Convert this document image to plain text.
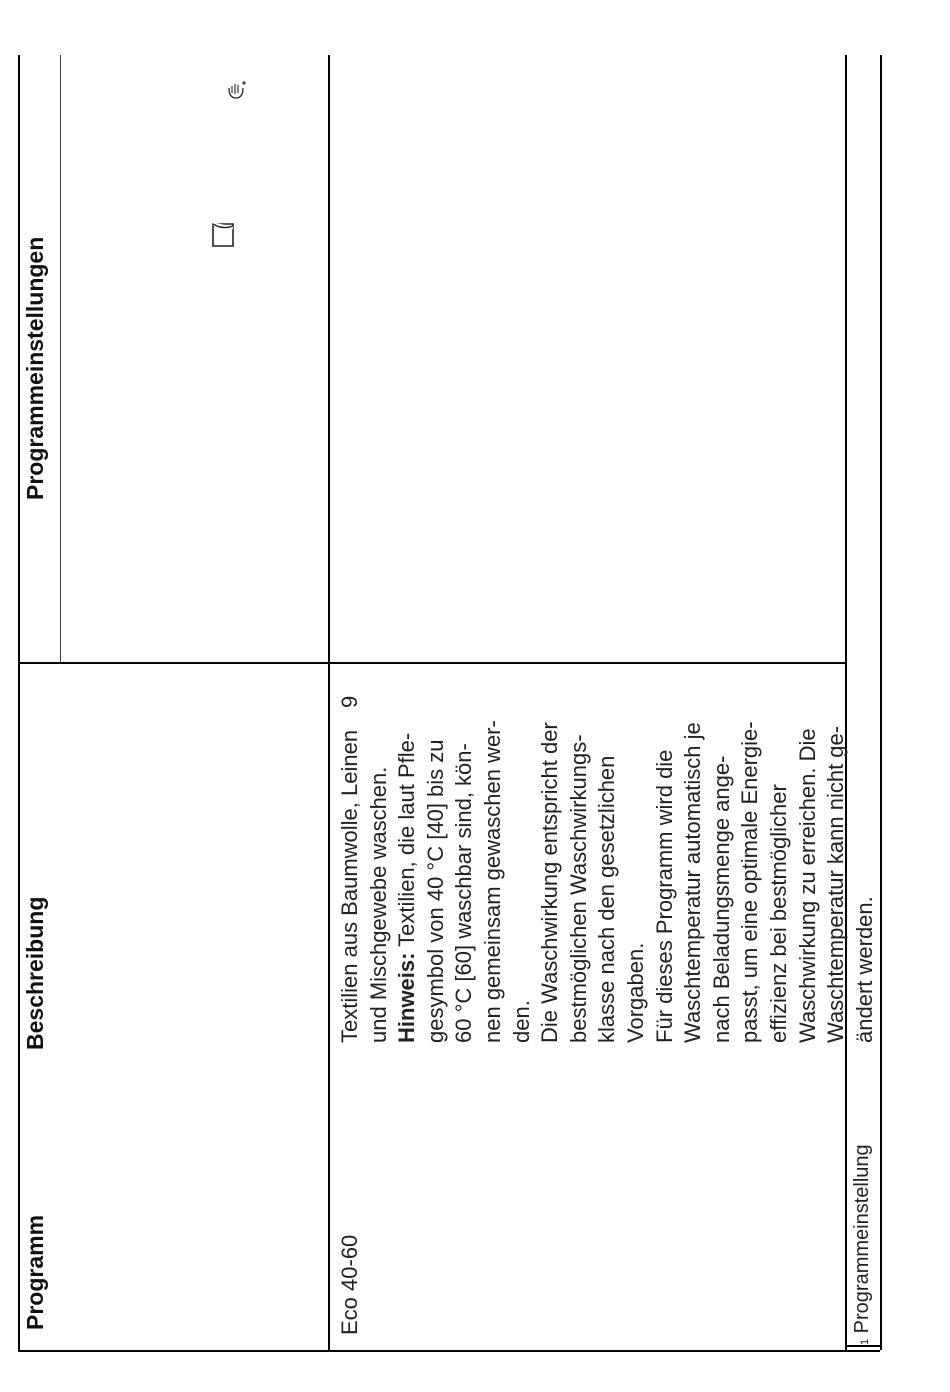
Programm
Beschreibung
Programmeinstellungen
Eco 40-60
Textilien aus Baumwolle, Leinen und Mischgewebe waschen. Hinweis: Textilien, die laut Pfle- gesymbol von 40 °C [40] bis zu 60 °C [60] waschbar sind, kön- nen gemeinsam gewaschen wer- den. Die Waschwirkung entspricht der bestmöglichen Waschwirkungs- klasse nach den gesetzlichen Vorgaben. Für dieses Programm wird die Waschtemperatur automatisch je nach Beladungsmenge ange- passt, um eine optimale Energie- effizienz bei bestmöglicher Waschwirkung zu erreichen. Die Waschtemperatur kann nicht ge- ändert werden.
9
1 Programmeinstellung
